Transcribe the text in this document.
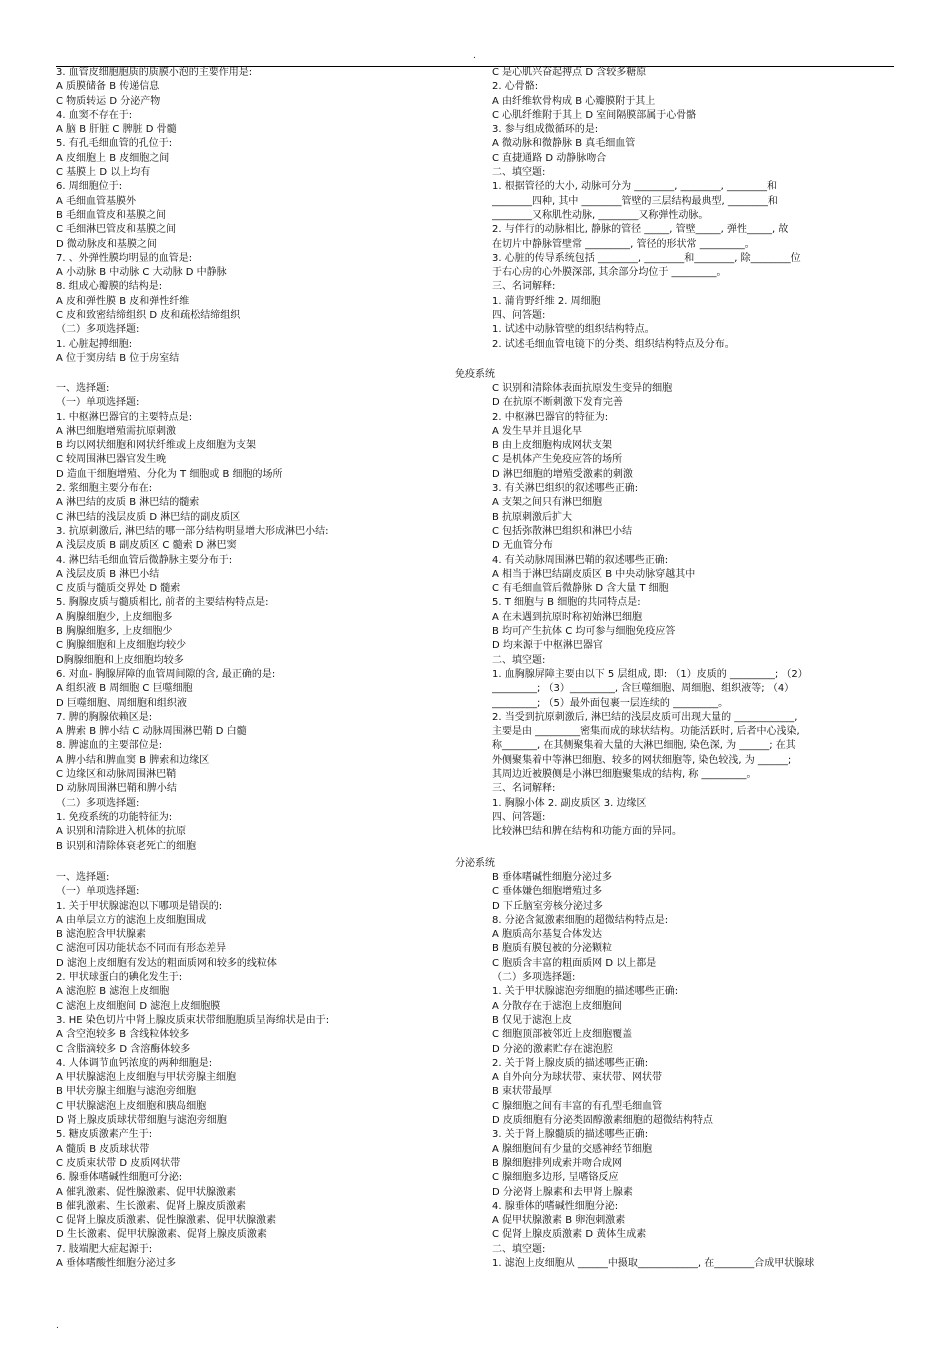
.
3. 血管皮细胞胞质的质膜小泡的主要作用是:
A 质膜储备 B 传递信息
C 物质转运 D 分泌产物
4. 血窦不存在于:
A 脑 B 肝脏 C 脾脏 D 骨髓
5. 有孔毛细血管的孔位于:
A 皮细胞上 B 皮细胞之间
C 基膜上 D 以上均有
6. 周细胞位于:
A 毛细血管基膜外
B 毛细血管皮和基膜之间
C 毛细淋巴管皮和基膜之间
D 微动脉皮和基膜之间
7. 、外弹性膜均明显的血管是:
A 小动脉 B 中动脉 C 大动脉 D 中静脉
8. 组成心瓣膜的结构是:
A 皮和弹性膜 B 皮和弹性纤维
C 皮和致密结缔组织 D 皮和疏松结缔组织
（二）多项选择题:
1. 心脏起搏细胞:
A 位于窦房结 B 位于房室结
C 是心肌兴奋起搏点 D 含较多糖原
2. 心骨骼:
A 由纤维软骨构成 B 心瓣膜附于其上
C 心肌纤维附于其上 D 室间隔膜部属于心骨骼
3. 参与组成微循环的是:
A 微动脉和微静脉 B 真毛细血管
C 直捷通路 D 动静脉吻合
二、填空题:
1. 根据管径的大小, 动脉可分为 ________, ________, ________和
________四种, 其中 ________管壁的三层结构最典型, ________和
________又称肌性动脉, ________又称弹性动脉。
2. 与伴行的动脉相比, 静脉的管径 _____, 管壁_____, 弹性_____, 故
在切片中静脉管壁常 _________, 管径的形状常 _________。
3. 心脏的传导系统包括 ________, ________和________, 除________位
于右心房的心外膜深部, 其余部分均位于 _________。
三、名词解释:
1. 蒲肯野纤维 2. 周细胞
四、问答题:
1. 试述中动脉管壁的组织结构特点。
2. 试述毛细血管电镜下的分类、组织结构特点及分布。
免疫系统
一、选择题:
（一）单项选择题:
1. 中枢淋巴器官的主要特点是:
A 淋巴细胞增殖需抗原刺激
B 均以网状细胞和网状纤维或上皮细胞为支架
C 较周围淋巴器官发生晚
D 造血干细胞增殖、分化为 T 细胞或 B 细胞的场所
2. 浆细胞主要分布在:
A 淋巴结的皮质 B 淋巴结的髓索
C 淋巴结的浅层皮质 D 淋巴结的副皮质区
3. 抗原刺激后, 淋巴结的哪一部分结构明显增大形成淋巴小结:
A 浅层皮质 B 副皮质区 C 髓索 D 淋巴窦
4. 淋巴结毛细血管后微静脉主要分布于:
A 浅层皮质 B 淋巴小结
C 皮质与髓质交界处 D 髓索
5. 胸腺皮质与髓质相比, 前者的主要结构特点是:
A 胸腺细胞少, 上皮细胞多
B 胸腺细胞多, 上皮细胞少
C 胸腺细胞和上皮细胞均较少
D胸腺细胞和上皮细胞均较多
6. 对血- 胸腺屏障的血管周间隙的含, 最正确的是:
A 组织液 B 周细胞 C 巨噬细胞
D 巨噬细胞、周细胞和组织液
7. 脾的胸腺依赖区是:
A 脾索 B 脾小结 C 动脉周围淋巴鞘 D 白髓
8. 脾滤血的主要部位是:
A 脾小结和脾血窦 B 脾索和边缘区
C 边缘区和动脉周围淋巴鞘
D 动脉周围淋巴鞘和脾小结
（二）多项选择题:
1. 免疫系统的功能特征为:
A 识别和清除进入机体的抗原
B 识别和清除体衰老死亡的细胞
C 识别和清除体表面抗原发生变异的细胞
D 在抗原不断刺激下发育完善
2. 中枢淋巴器官的特征为:
A 发生早并且退化早
B 由上皮细胞构成网状支架
C 是机体产生免疫应答的场所
D 淋巴细胞的增殖受激素的刺激
3. 有关淋巴组织的叙述哪些正确:
A 支架之间只有淋巴细胞
B 抗原刺激后扩大
C 包括弥散淋巴组织和淋巴小结
D 无血管分布
4. 有关动脉周围淋巴鞘的叙述哪些正确:
A 相当于淋巴结副皮质区 B 中央动脉穿越其中
C 有毛细血管后微静脉 D 含大量 T 细胞
5. T 细胞与 B 细胞的共同特点是:
A 在未遇到抗原时称初始淋巴细胞
B 均可产生抗体 C 均可参与细胞免疫应答
D 均来源于中枢淋巴器官
二、填空题:
1. 血胸腺屏障主要由以下 5 层组成, 即: （1）皮质的 _________; （2）
_________; （3）_________, 含巨噬细胞、周细胞、组织液等; （4）
_________; （5）最外面包裹一层连续的 _________。
2. 当受到抗原刺激后, 淋巴结的浅层皮质可出现大量的 ____________,
主要是由 _________密集而成的球状结构。功能活跃时, 后者中心浅染,
称_______, 在其侧聚集着大量的大淋巴细胞, 染色深, 为 ______; 在其
外侧聚集着中等淋巴细胞、较多的网状细胞等, 染色较浅, 为 ______;
其周边近被膜侧是小淋巴细胞聚集成的结构, 称 _________。
三、名词解释:
1. 胸腺小体 2. 副皮质区 3. 边缘区
四、问答题:
比较淋巴结和脾在结构和功能方面的异同。
分泌系统
一、选择题:
（一）单项选择题:
1. 关于甲状腺滤泡以下哪项是错误的:
A 由单层立方的滤泡上皮细胞围成
B 滤泡腔含甲状腺素
C 滤泡可因功能状态不同而有形态差异
D 滤泡上皮细胞有发达的粗面质网和较多的线粒体
2. 甲状球蛋白的碘化发生于:
A 滤泡腔 B 滤泡上皮细胞
C 滤泡上皮细胞间 D 滤泡上皮细胞膜
3. HE 染色切片中肾上腺皮质束状带细胞胞质呈海绵状是由于:
A 含空泡较多 B 含线粒体较多
C 含脂滴较多 D 含溶酶体较多
4. 人体调节血钙浓度的两种细胞是:
A 甲状腺滤泡上皮细胞与甲状旁腺主细胞
B 甲状旁腺主细胞与滤泡旁细胞
C 甲状腺滤泡上皮细胞和胰岛细胞
D 肾上腺皮质球状带细胞与滤泡旁细胞
5. 糖皮质激素产生于:
A 髓质 B 皮质球状带
C 皮质束状带 D 皮质网状带
6. 腺垂体嗜碱性细胞可分泌:
A 催乳激素、促性腺激素、促甲状腺激素
B 催乳激素、生长激素、促肾上腺皮质激素
C 促肾上腺皮质激素、促性腺激素、促甲状腺激素
D 生长激素、促甲状腺激素、促肾上腺皮质激素
7. 肢端肥大症起源于:
A 垂体嗜酸性细胞分泌过多
B 垂体嗜碱性细胞分泌过多
C 垂体嫌色细胞增殖过多
D 下丘脑室旁核分泌过多
8. 分泌含氮激素细胞的超微结构特点是:
A 胞质高尔基复合体发达
B 胞质有膜包被的分泌颗粒
C 胞质含丰富的粗面质网 D 以上都是
（二）多项选择题:
1. 关于甲状腺滤泡旁细胞的描述哪些正确:
A 分散存在于滤泡上皮细胞间
B 仅见于滤泡上皮
C 细胞顶部被邻近上皮细胞覆盖
D 分泌的激素贮存在滤泡腔
2. 关于肾上腺皮质的描述哪些正确:
A 自外向分为球状带、束状带、网状带
B 束状带最厚
C 腺细胞之间有丰富的有孔型毛细血管
D 皮质细胞有分泌类固醇激素细胞的超微结构特点
3. 关于肾上腺髓质的描述哪些正确:
A 腺细胞间有少量的交感神经节细胞
B 腺细胞排列成索并吻合成网
C 腺细胞多边形, 呈嗜铬反应
D 分泌肾上腺素和去甲肾上腺素
4. 腺垂体的嗜碱性细胞分泌:
A 促甲状腺激素 B 卵泡刺激素
C 促肾上腺皮质激素 D 黄体生成素
二、填空题:
1. 滤泡上皮细胞从 ______中摄取____________, 在________合成甲状腺球
.
